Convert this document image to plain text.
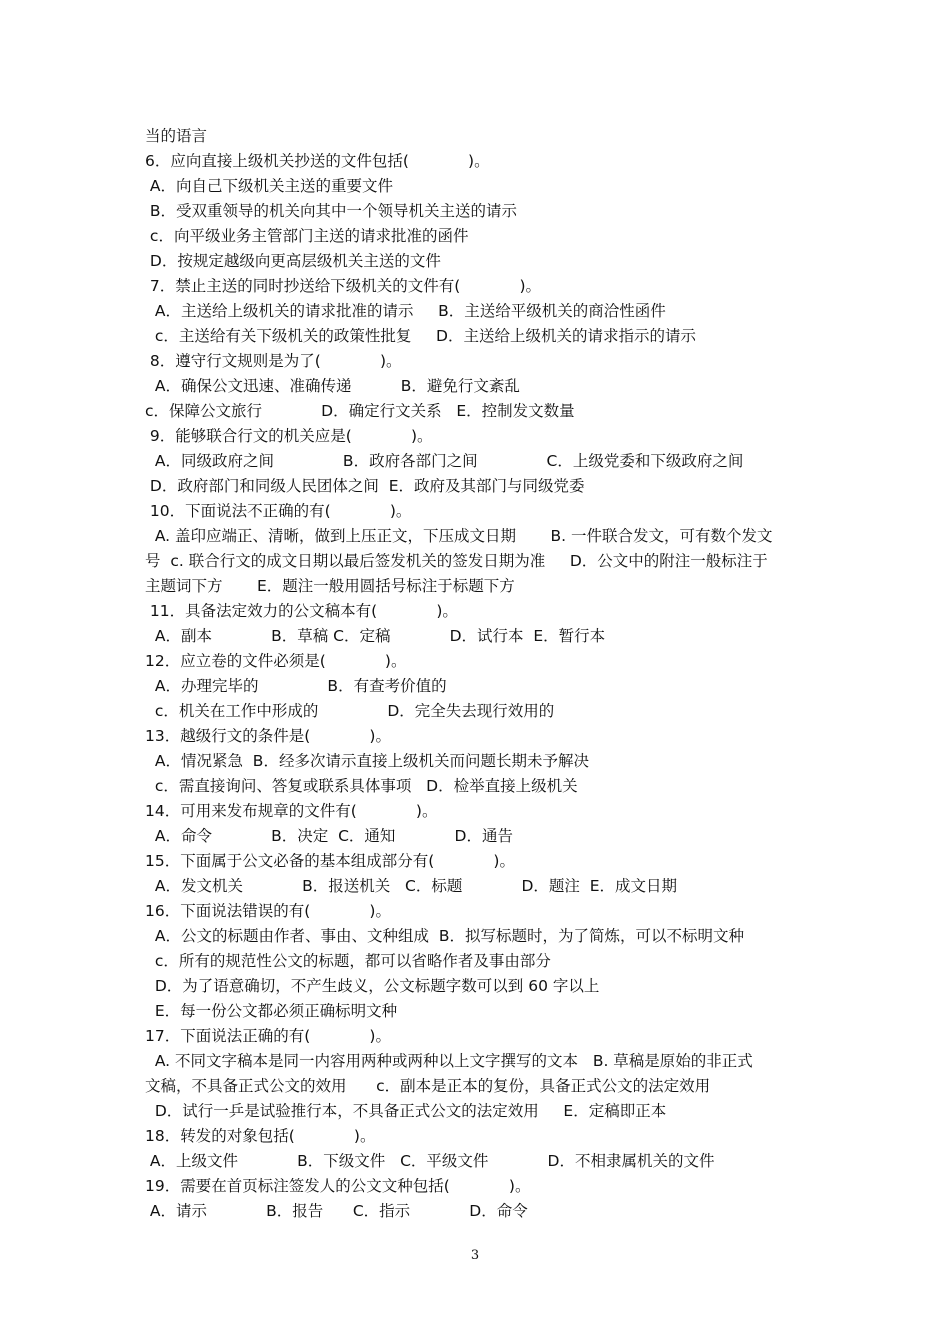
当的语言
6．应向直接上级机关抄送的文件包括(            )。
A．向自己下级机关主送的重要文件
B．受双重领导的机关向其中一个领导机关主送的请示
c．向平级业务主管部门主送的请求批准的函件
D．按规定越级向更高层级机关主送的文件
7．禁止主送的同时抄送给下级机关的文件有(            )。
A．主送给上级机关的请求批准的请示     B．主送给平级机关的商洽性函件
c．主送给有关下级机关的政策性批复     D．主送给上级机关的请求指示的请示
8．遵守行文规则是为了(            )。
A．确保公文迅速、准确传递          B．避免行文紊乱
c．保障公文旅行            D．确定行文关系   E．控制发文数量
9．能够联合行文的机关应是(            )。
A．同级政府之间              B．政府各部门之间              C．上级党委和下级政府之间
D．政府部门和同级人民团体之间  E．政府及其部门与同级党委
10．下面说法不正确的有(            )。
A. 盖印应端正、清晰，做到上压正文，下压成文日期       B. 一件联合发文，可有数个发文
号  c. 联合行文的成文日期以最后签发机关的签发日期为准     D．公文中的附注一般标注于
主题词下方       E．题注一般用圆括号标注于标题下方
11．具备法定效力的公文稿本有(            )。
A．副本            B．草稿 C．定稿            D．试行本  E．暂行本
12．应立卷的文件必须是(            )。
A．办理完毕的              B．有查考价值的
c．机关在工作中形成的              D．完全失去现行效用的
13．越级行文的条件是(            )。
A．情况紧急  B．经多次请示直接上级机关而问题长期未予解决
c．需直接询问、答复或联系具体事项   D．检举直接上级机关
14．可用来发布规章的文件有(            )。
A．命令            B．决定  C．通知            D．通告
15．下面属于公文必备的基本组成部分有(            )。
A．发文机关            B．报送机关   C．标题            D．题注  E．成文日期
16．下面说法错误的有(            )。
A．公文的标题由作者、事由、文种组成  B．拟写标题时，为了简炼，可以不标明文种
c．所有的规范性公文的标题，都可以省略作者及事由部分
D．为了语意确切，不产生歧义，公文标题字数可以到 60 字以上
E．每一份公文都必须正确标明文种
17．下面说法正确的有(            )。
A. 不同文字稿本是同一内容用两种或两种以上文字撰写的文本   B. 草稿是原始的非正式
文稿，不具备正式公文的效用      c．副本是正本的复份，具备正式公文的法定效用
D．试行一乒是试验推行本，不具备正式公文的法定效用     E．定稿即正本
18．转发的对象包括(            )。
A．上级文件            B．下级文件   C．平级文件            D．不相隶属机关的文件
19．需要在首页标注签发人的公文文种包括(            )。
A．请示            B．报告      C．指示            D．命令
3
